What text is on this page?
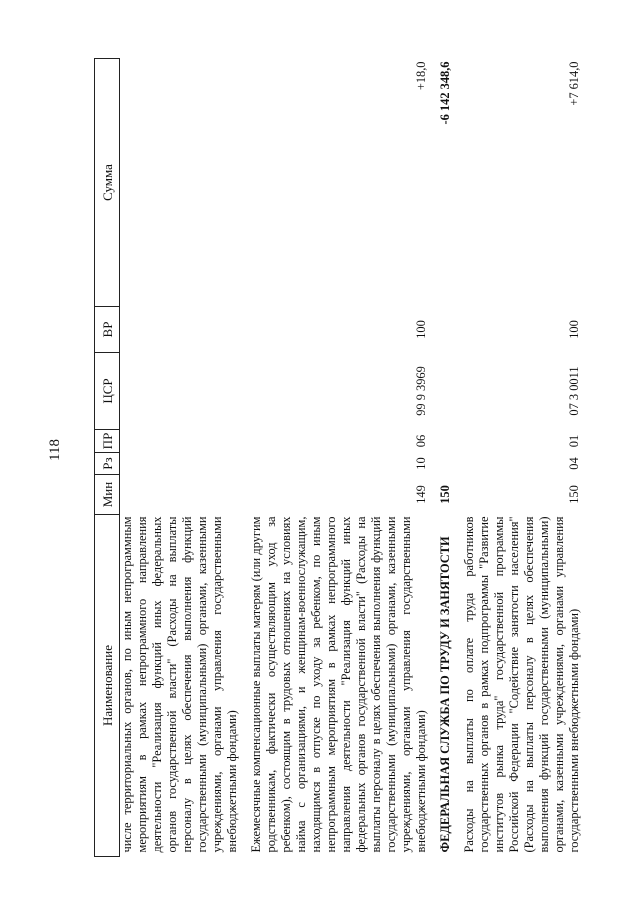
118
Наименование	Мин	Рз	ПР	ЦСР	ВР	Сумма
числе территориальных органов, по иным непрограммным мероприятиям в рамках непрограммного направления деятельности "Реализация функций иных федеральных органов государственной власти" (Расходы на выплаты персоналу в целях обеспечения выполнения функций государственными (муниципальными) органами, казенными учреждениями, органами управления государственными внебюджетными фондами)						
Ежемесячные компенсационные выплаты матерям (или другим родственникам, фактически осуществляющим уход за ребенком), состоящим в трудовых отношениях на условиях найма с организациями, и женщинам-военнослужащим, находящимся в отпуске по уходу за ребенком, по иным непрограммным мероприятиям в рамках непрограммного направления деятельности "Реализация функций иных федеральных органов государственной власти" (Расходы на выплаты персоналу в целях обеспечения выполнения функций государственными (муниципальными) органами, казенными учреждениями, органами управления государственными внебюджетными фондами)	149	10	06	99 9 3969	100	+18,0
ФЕДЕРАЛЬНАЯ СЛУЖБА ПО ТРУДУ И ЗАНЯТОСТИ	150					-6 142 348,6
Расходы на выплаты по оплате труда работников государственных органов в рамках подпрограммы "Развитие институтов рынка труда" государственной программы Российской Федерации "Содействие занятости населения" (Расходы на выплаты персоналу в целях обеспечения выполнения функций государственными (муниципальными) органами, казенными учреждениями, органами управления государственными внебюджетными фондами)	150	04	01	07 3 0011	100	+7 614,0
